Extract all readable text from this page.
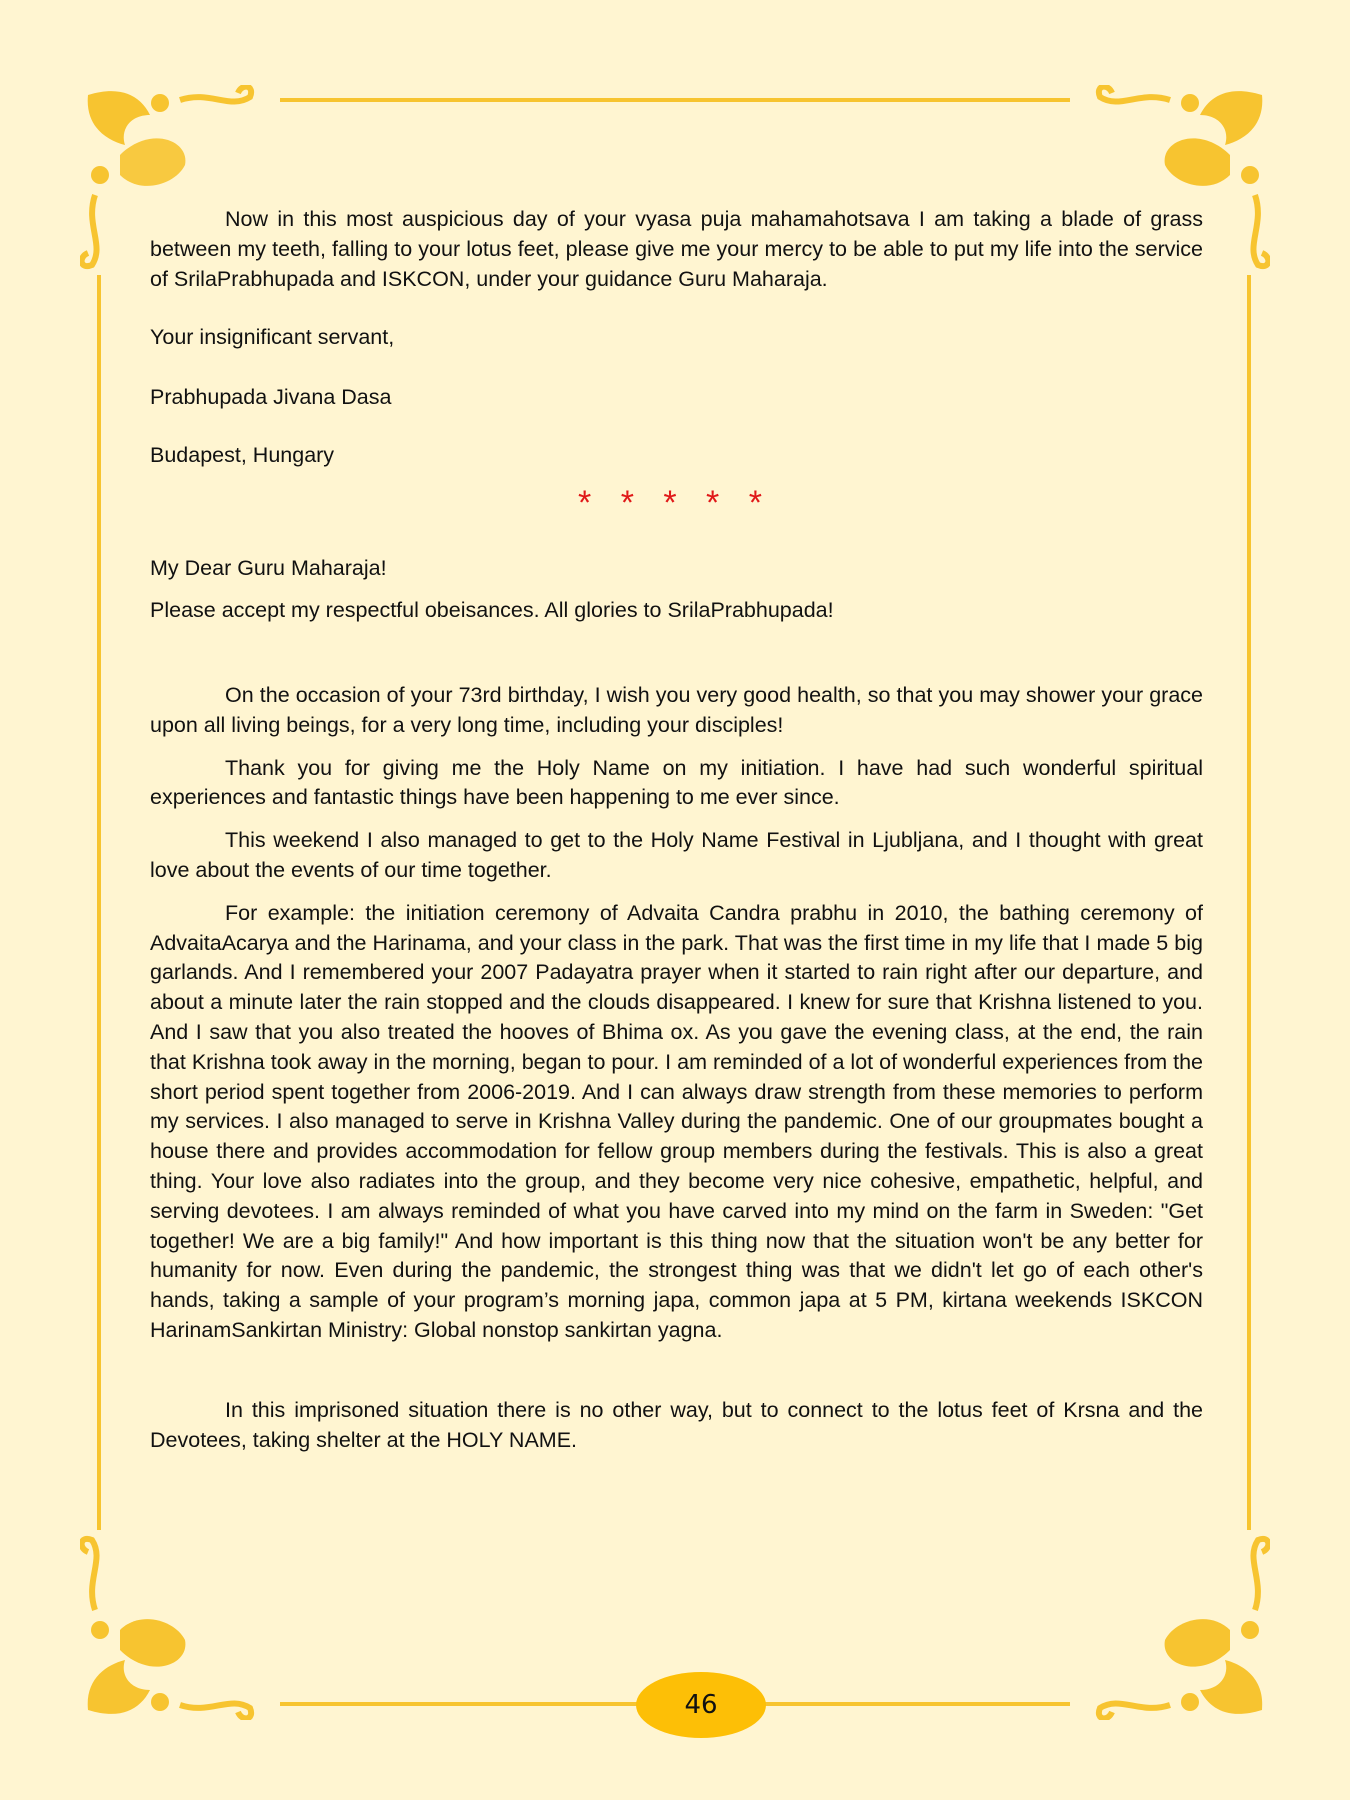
Now in this most auspicious day of your vyasa puja mahamahotsava I am taking a blade of grass between my teeth, falling to your lotus feet, please give me your mercy to be able to put my life into the service of SrilaPrabhupada and ISKCON, under your guidance Guru Maharaja.

Your insignificant servant,
Prabhupada Jivana Dasa
Budapest, Hungary
* * * * *
My Dear Guru Maharaja!
Please accept my respectful obeisances. All glories to SrilaPrabhupada!

On the occasion of your 73rd birthday, I wish you very good health, so that you may shower your grace upon all living beings, for a very long time, including your disciples!

Thank you for giving me the Holy Name on my initiation. I have had such wonderful spiritual experiences and fantastic things have been happening to me ever since.

This weekend I also managed to get to the Holy Name Festival in Ljubljana, and I thought with great love about the events of our time together.

For example: the initiation ceremony of Advaita Candra prabhu in 2010, the bathing ceremony of AdvaitaAcarya and the Harinama, and your class in the park. That was the first time in my life that I made 5 big garlands. And I remembered your 2007 Padayatra prayer when it started to rain right after our departure, and about a minute later the rain stopped and the clouds disappeared. I knew for sure that Krishna listened to you. And I saw that you also treated the hooves of Bhima ox. As you gave the evening class, at the end, the rain that Krishna took away in the morning, began to pour. I am reminded of a lot of wonderful experiences from the short period spent together from 2006-2019. And I can always draw strength from these memories to perform my services. I also managed to serve in Krishna Valley during the pandemic. One of our groupmates bought a house there and provides accommodation for fellow group members during the festivals. This is also a great thing. Your love also radiates into the group, and they become very nice cohesive, empathetic, helpful, and serving devotees. I am always reminded of what you have carved into my mind on the farm in Sweden: "Get together! We are a big family!" And how important is this thing now that the situation won't be any better for humanity for now. Even during the pandemic, the strongest thing was that we didn't let go of each other's hands, taking a sample of your program’s morning japa, common japa at 5 PM, kirtana weekends ISKCON HarinamSankirtan Ministry: Global nonstop sankirtan yagna.

In this imprisoned situation there is no other way, but to connect to the lotus feet of Krsna and the Devotees, taking shelter at the HOLY NAME.

46
